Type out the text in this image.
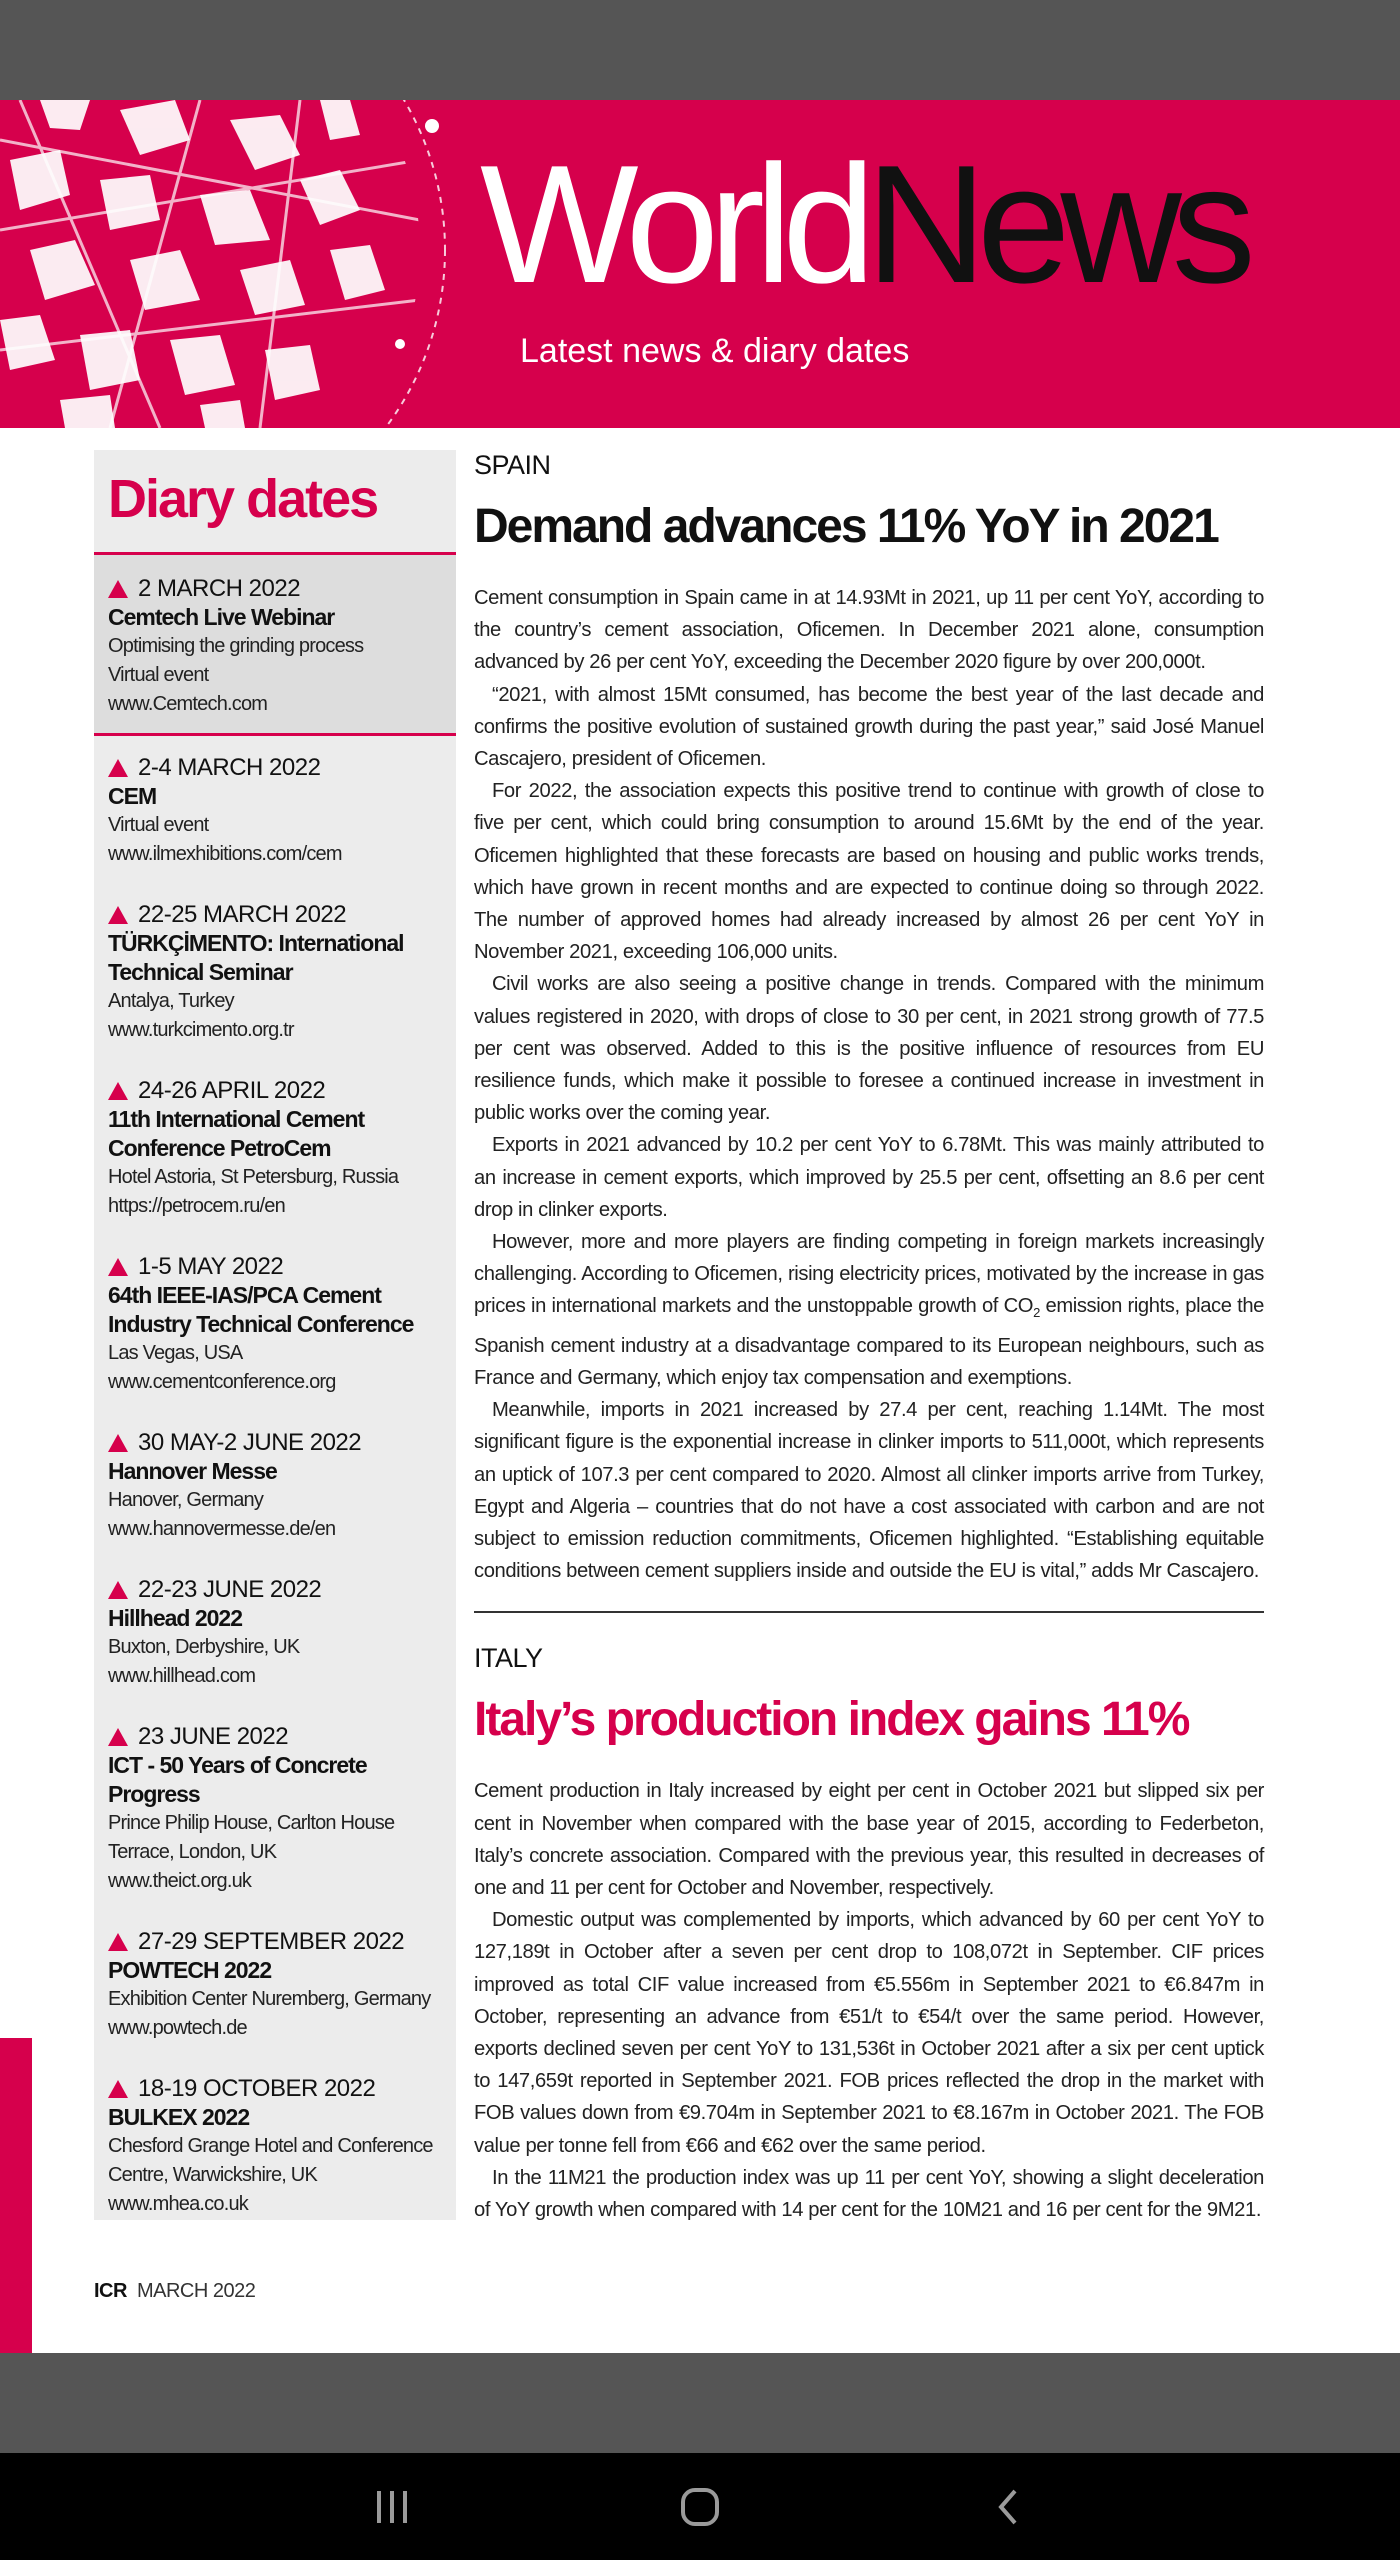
WorldNews
Latest news & diary dates
Diary dates
2 MARCH 2022
Cemtech Live Webinar
Optimising the grinding process
Virtual event
www.Cemtech.com
2-4 MARCH 2022
CEM
Virtual event
www.ilmexhibitions.com/cem
22-25 MARCH 2022
TÜRKÇİMENTO: International Technical Seminar
Antalya, Turkey
www.turkcimento.org.tr
24-26 APRIL 2022
11th International Cement Conference PetroCem
Hotel Astoria, St Petersburg, Russia
https://petrocem.ru/en
1-5 MAY 2022
64th IEEE-IAS/PCA Cement Industry Technical Conference
Las Vegas, USA
www.cementconference.org
30 MAY-2 JUNE 2022
Hannover Messe
Hanover, Germany
www.hannovermesse.de/en
22-23 JUNE 2022
Hillhead 2022
Buxton, Derbyshire, UK
www.hillhead.com
23 JUNE 2022
ICT - 50 Years of Concrete Progress
Prince Philip House, Carlton House Terrace, London, UK
www.theict.org.uk
27-29 SEPTEMBER 2022
POWTECH 2022
Exhibition Center Nuremberg, Germany
www.powtech.de
18-19 OCTOBER 2022
BULKEX 2022
Chesford Grange Hotel and Conference Centre, Warwickshire, UK
www.mhea.co.uk
SPAIN
Demand advances 11% YoY in 2021

Cement consumption in Spain came in at 14.93Mt in 2021, up 11 per cent YoY, according to the country’s cement association, Oficemen. In December 2021 alone, consumption advanced by 26 per cent YoY, exceeding the December 2020 figure by over 200,000t.

“2021, with almost 15Mt consumed, has become the best year of the last decade and confirms the positive evolution of sustained growth during the past year,” said José Manuel Cascajero, president of Oficemen.

For 2022, the association expects this positive trend to continue with growth of close to five per cent, which could bring consumption to around 15.6Mt by the end of the year. Oficemen highlighted that these forecasts are based on housing and public works trends, which have grown in recent months and are expected to continue doing so through 2022. The number of approved homes had already increased by almost 26 per cent YoY in November 2021, exceeding 106,000 units.

Civil works are also seeing a positive change in trends. Compared with the minimum values registered in 2020, with drops of close to 30 per cent, in 2021 strong growth of 77.5 per cent was observed. Added to this is the positive influence of resources from EU resilience funds, which make it possible to foresee a continued increase in investment in public works over the coming year.

Exports in 2021 advanced by 10.2 per cent YoY to 6.78Mt. This was mainly attributed to an increase in cement exports, which improved by 25.5 per cent, offsetting an 8.6 per cent drop in clinker exports.

However, more and more players are finding competing in foreign markets increasingly challenging. According to Oficemen, rising electricity prices, motivated by the increase in gas prices in international markets and the unstoppable growth of $CO_2$ emission rights, place the Spanish cement industry at a disadvantage compared to its European neighbours, such as France and Germany, which enjoy tax compensation and exemptions.

Meanwhile, imports in 2021 increased by 27.4 per cent, reaching 1.14Mt. The most significant figure is the exponential increase in clinker imports to 511,000t, which represents an uptick of 107.3 per cent compared to 2020. Almost all clinker imports arrive from Turkey, Egypt and Algeria – countries that do not have a cost associated with carbon and are not subject to emission reduction commitments, Oficemen highlighted. “Establishing equitable conditions between cement suppliers inside and outside the EU is vital,” adds Mr Cascajero.

ITALY
Italy’s production index gains 11%

Cement production in Italy increased by eight per cent in October 2021 but slipped six per cent in November when compared with the base year of 2015, according to Federbeton, Italy’s concrete association. Compared with the previous year, this resulted in decreases of one and 11 per cent for October and November, respectively.

Domestic output was complemented by imports, which advanced by 60 per cent YoY to 127,189t in October after a seven per cent drop to 108,072t in September. CIF prices improved as total CIF value increased from €5.556m in September 2021 to €6.847m in October, representing an advance from €51/t to €54/t over the same period. However, exports declined seven per cent YoY to 131,536t in October 2021 after a six per cent uptick to 147,659t reported in September 2021. FOB prices reflected the drop in the market with FOB values down from €9.704m in September 2021 to €8.167m in October 2021. The FOB value per tonne fell from €66 and €62 over the same period.

In the 11M21 the production index was up 11 per cent YoY, showing a slight deceleration of YoY growth when compared with 14 per cent for the 10M21 and 16 per cent for the 9M21.

ICR MARCH 2022
